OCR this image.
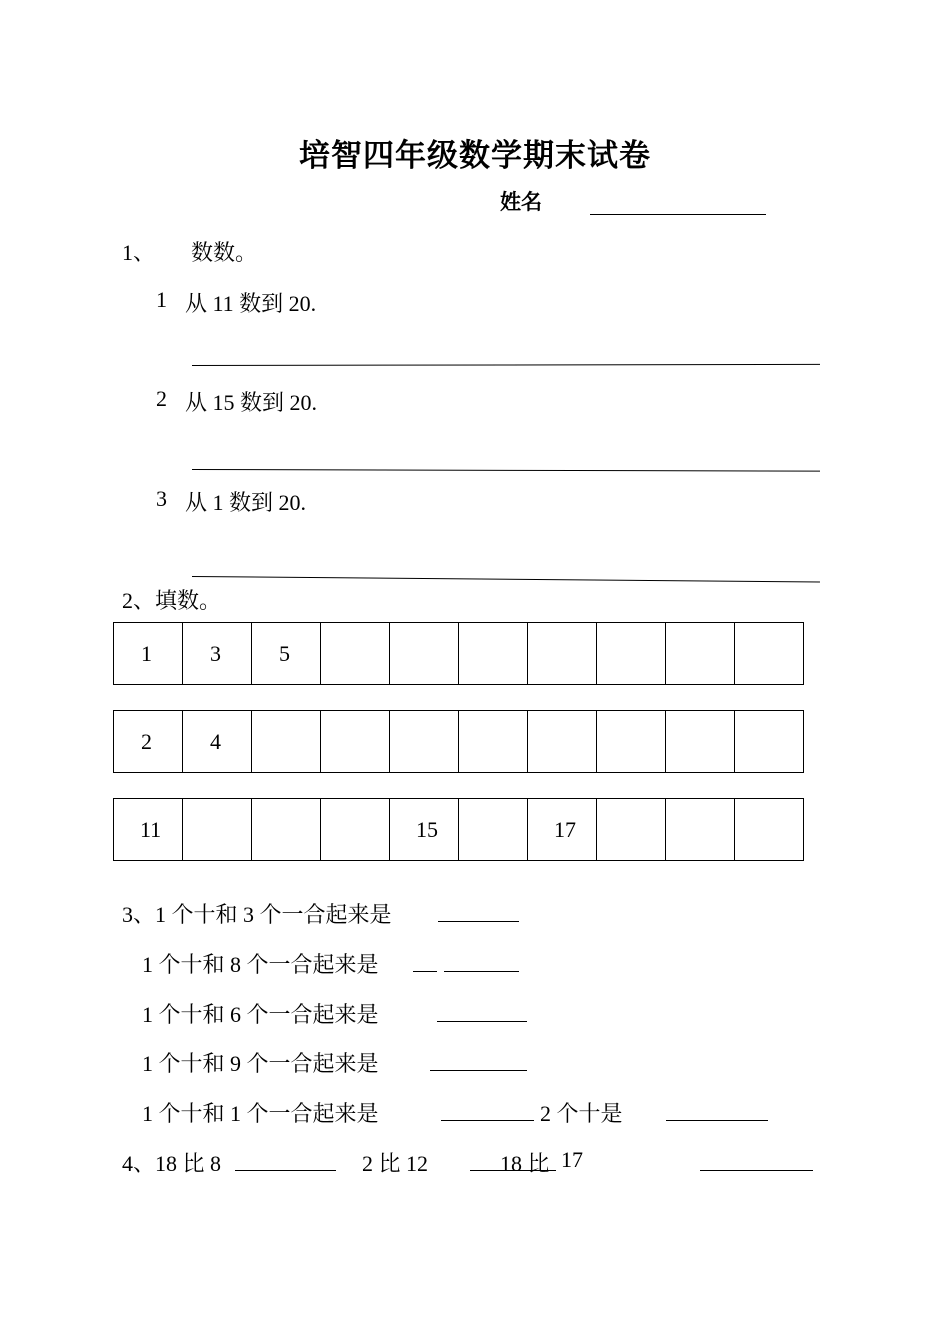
培智四年级数学期末试卷
姓名
1、 数数。
1 从 11 数到 20.
2 从 15 数到 20.
3 从 1 数到 20.
2、填数。
1	3	5							
2	4								
11				15		17			
3、1 个十和 3 个一合起来是
1 个十和 8 个一合起来是
1 个十和 6 个一合起来是
1 个十和 9 个一合起来是
1 个十和 1 个一合起来是	2 个十是
4、18 比 8	2 比 12	18 比 17
